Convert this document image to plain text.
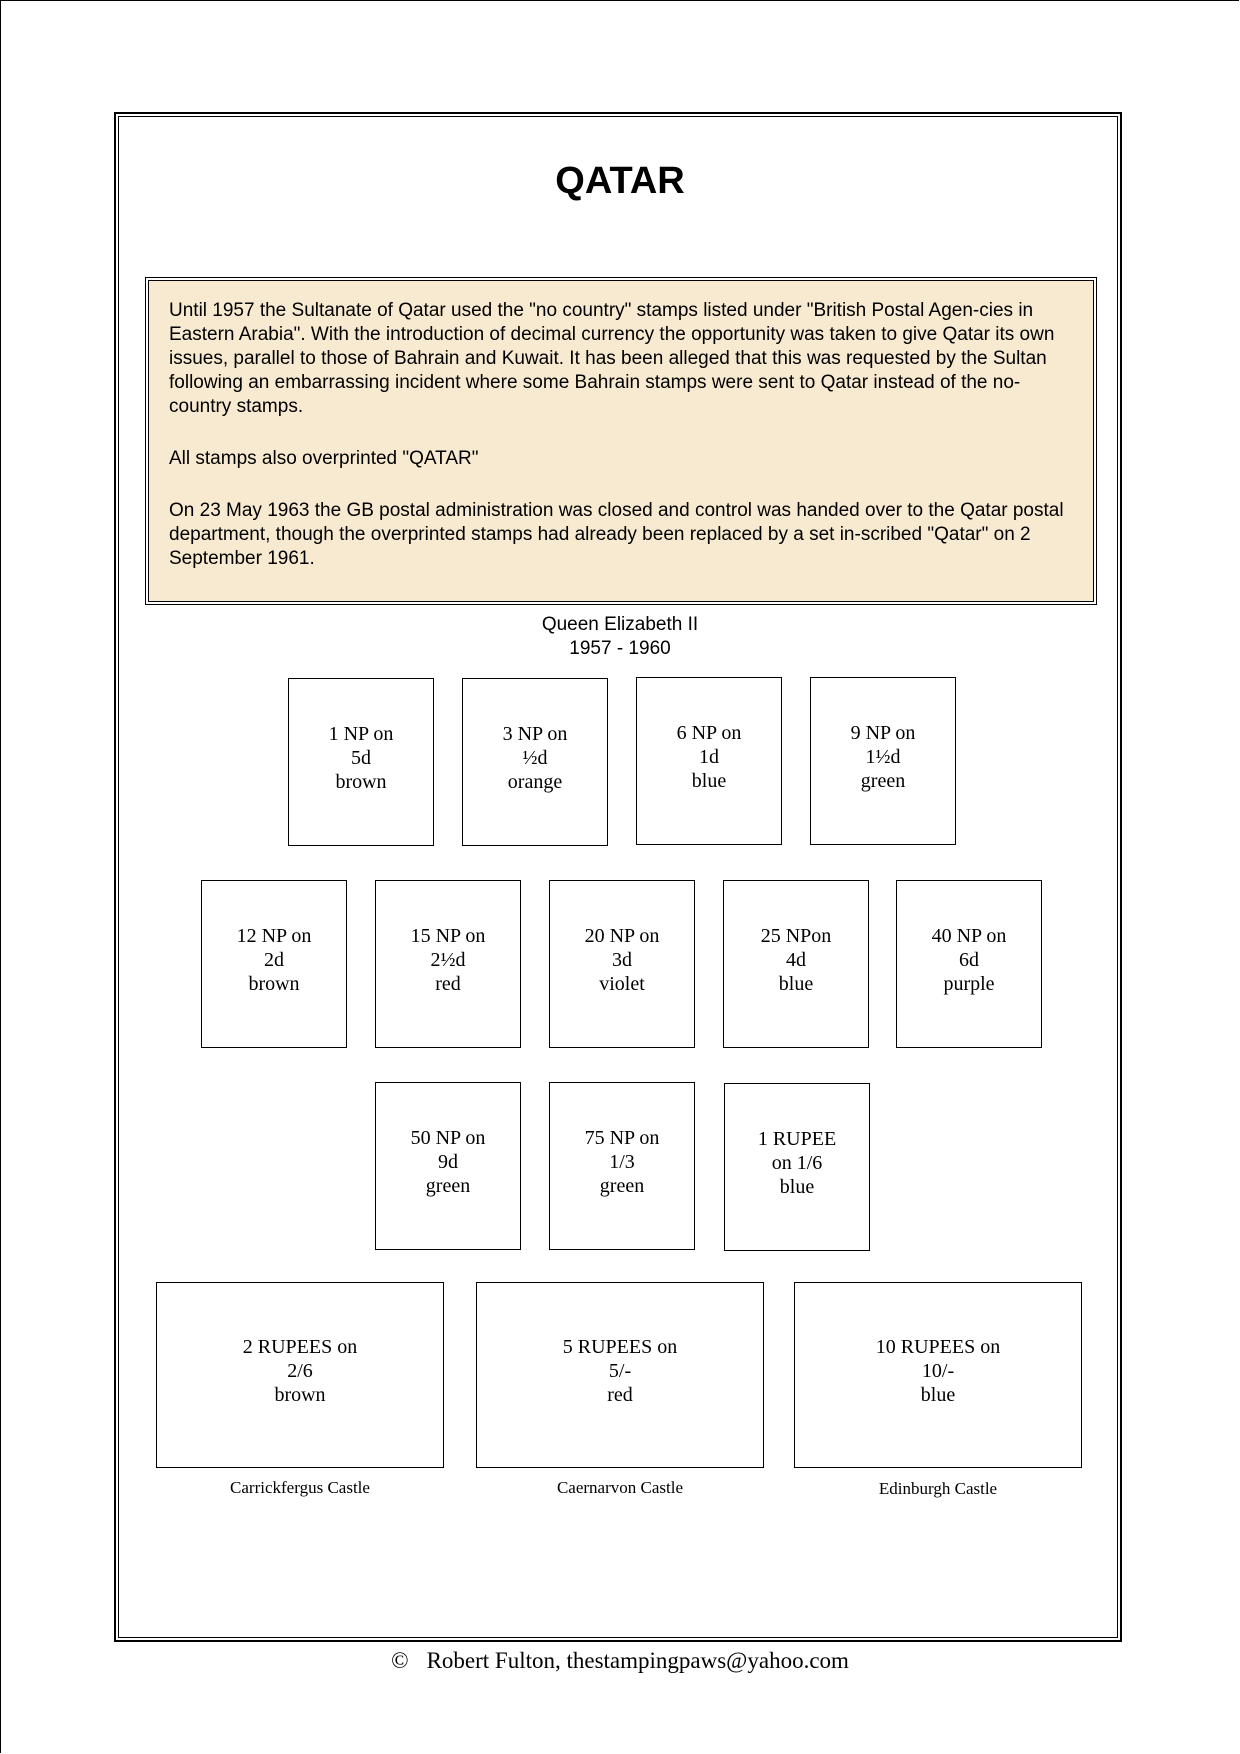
QATAR

Until 1957 the Sultanate of Qatar used the "no country" stamps listed under "British Postal Agen-cies in Eastern Arabia". With the introduction of decimal currency the opportunity was taken to give Qatar its own issues, parallel to those of Bahrain and Kuwait. It has been alleged that this was requested by the Sultan following an embarrassing incident where some Bahrain stamps were sent to Qatar instead of the no-country stamps.

All stamps also overprinted "QATAR"

On 23 May 1963 the GB postal administration was closed and control was handed over to the Qatar postal department, though the overprinted stamps had already been replaced by a set in-scribed "Qatar" on 2 September 1961.

Queen Elizabeth II
1957 - 1960
1 NP on
5d
brown
3 NP on
½d
orange
6 NP on
1d
blue
9 NP on
1½d
green
12 NP on
2d
brown
15 NP on
2½d
red
20 NP on
3d
violet
25 NPon
4d
blue
40 NP on
6d
purple
50 NP on
9d
green
75 NP on
1/3
green
1 RUPEE
on 1/6
blue
2 RUPEES on
2/6
brown
5 RUPEES on
5/-
red
10 RUPEES on
10/-
blue
Carrickfergus Castle	Caernarvon Castle	Edinburgh Castle
© Robert Fulton, thestampingpaws@yahoo.com
